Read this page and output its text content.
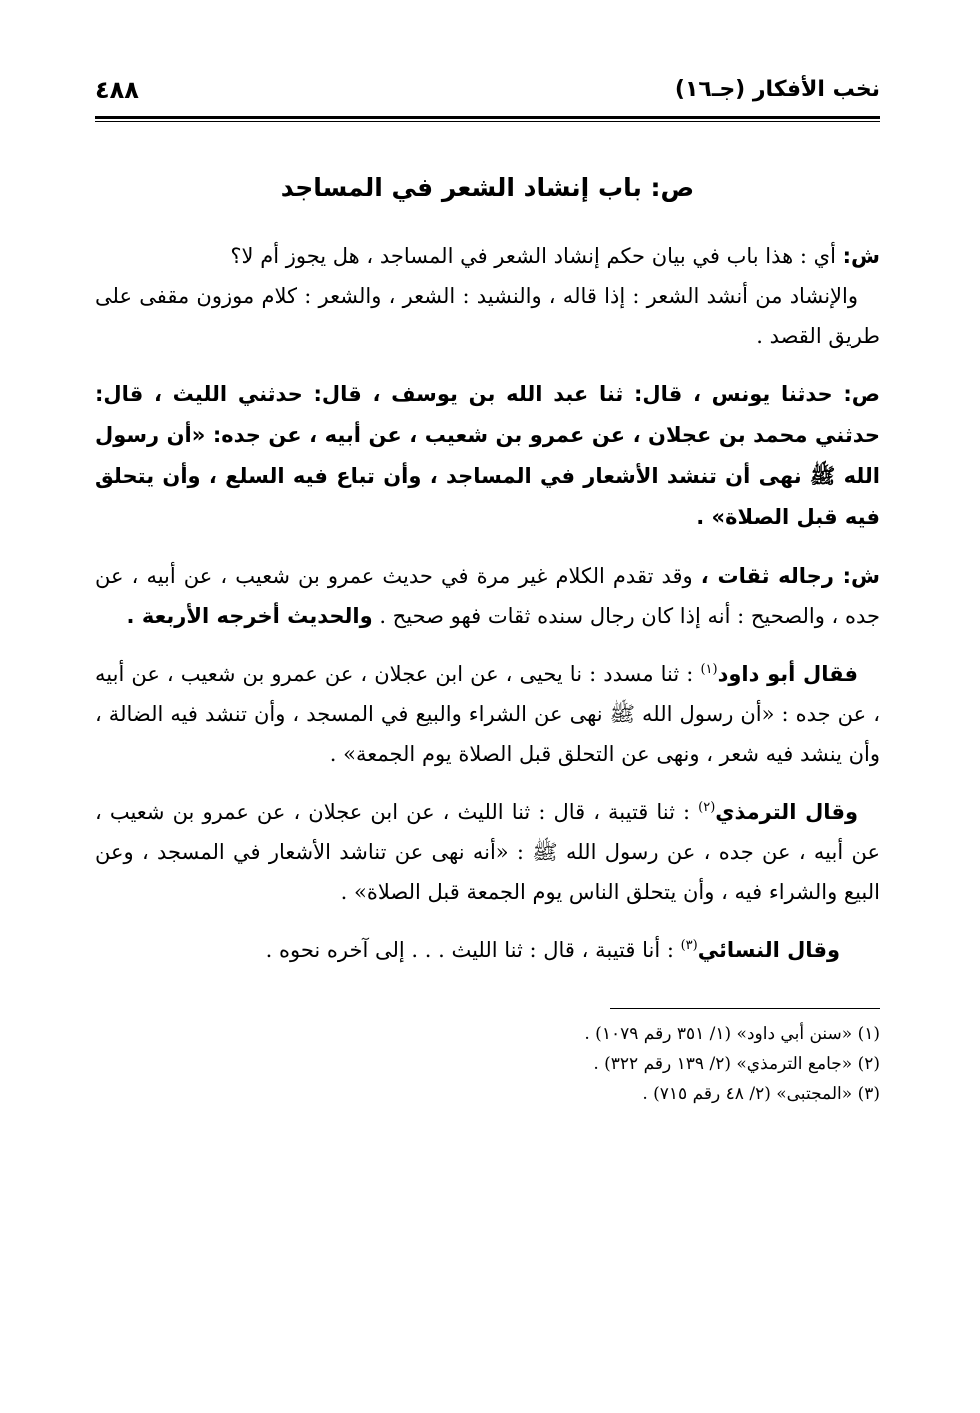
نخب الأفكار (جـ١٦)
٤٨٨
ص: باب إنشاد الشعر في المساجد

ش: أي : هذا باب في بيان حكم إنشاد الشعر في المساجد ، هل يجوز أم لا؟

والإنشاد من أنشد الشعر : إذا قاله ، والنشيد : الشعر ، والشعر : كلام موزون مقفى على طريق القصد .

ص: حدثنا يونس ، قال: ثنا عبد الله بن يوسف ، قال: حدثني الليث ، قال: حدثني محمد بن عجلان ، عن عمرو بن شعيب ، عن أبيه ، عن جده: «أن رسول الله ﷺ نهى أن تنشد الأشعار في المساجد ، وأن تباع فيه السلع ، وأن يتحلق فيه قبل الصلاة» .

ش: رجاله ثقات ، وقد تقدم الكلام غير مرة في حديث عمرو بن شعيب ، عن أبيه ، عن جده ، والصحيح : أنه إذا كان رجال سنده ثقات فهو صحيح . والحديث أخرجه الأربعة .

فقال أبو داود$^{(١)}$ : ثنا مسدد : نا يحيى ، عن ابن عجلان ، عن عمرو بن شعيب ، عن أبيه ، عن جده : «أن رسول الله ﷺ نهى عن الشراء والبيع في المسجد ، وأن تنشد فيه الضالة ، وأن ينشد فيه شعر ، ونهى عن التحلق قبل الصلاة يوم الجمعة» .

وقال الترمذي$^{(٢)}$ : ثنا قتيبة ، قال : ثنا الليث ، عن ابن عجلان ، عن عمرو بن شعيب ، عن أبيه ، عن جده ، عن رسول الله ﷺ : «أنه نهى عن تناشد الأشعار في المسجد ، وعن البيع والشراء فيه ، وأن يتحلق الناس يوم الجمعة قبل الصلاة» .

وقال النسائي$^{(٣)}$ : أنا قتيبة ، قال : ثنا الليث . . . إلى آخره نحوه .

(١) «سنن أبي داود» (١/ ٣٥١ رقم ١٠٧٩) .

(٢) «جامع الترمذي» (٢/ ١٣٩ رقم ٣٢٢) .

(٣) «المجتبى» (٢/ ٤٨ رقم ٧١٥) .
